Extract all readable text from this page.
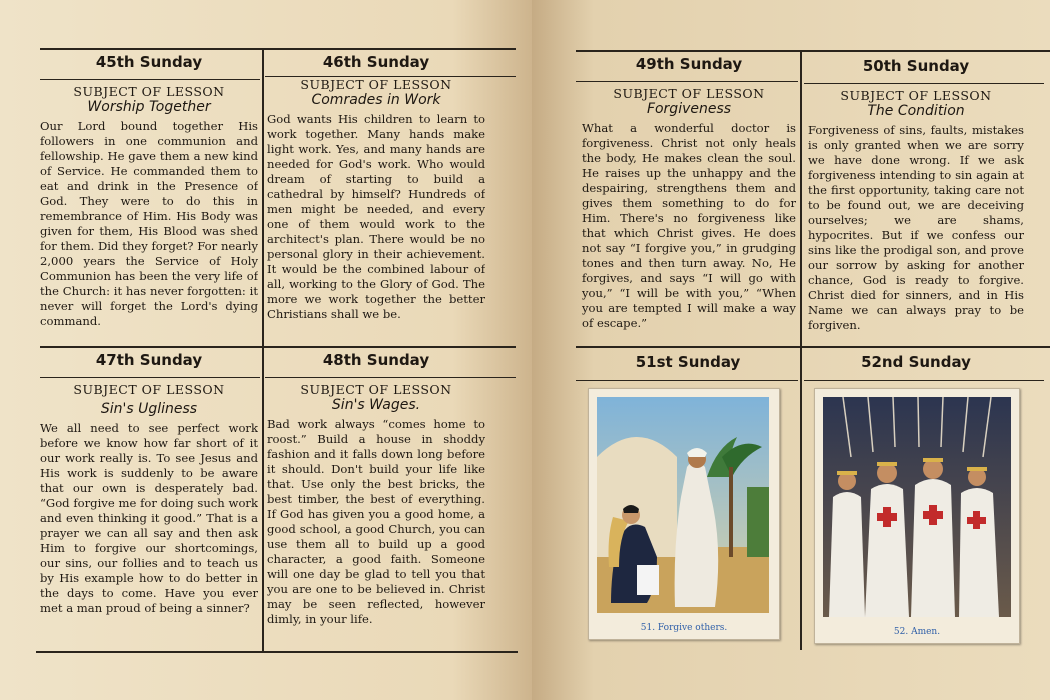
45th Sunday

SUBJECT OF LESSON

Worship Together

Our Lord bound together His followers in one communion and fellowship. He gave them a new kind of Service. He commanded them to eat and drink in the Presence of God. They were to do this in remembrance of Him. His Body was given for them, His Blood was shed for them. Did they forget? For nearly 2,000 years the Service of Holy Communion has been the very life of the Church: it has never forgotten: it never will forget the Lord's dying command.

46th Sunday

SUBJECT OF LESSON

Comrades in Work

God wants His children to learn to work together. Many hands make light work. Yes, and many hands are needed for God's work. Who would dream of starting to build a cathedral by himself? Hundreds of men might be needed, and every one of them would work to the architect's plan. There would be no personal glory in their achievement. It would be the combined labour of all, working to the Glory of God. The more we work together the better Christians shall we be.

47th Sunday

SUBJECT OF LESSON

Sin's Ugliness

We all need to see perfect work before we know how far short of it our work really is. To see Jesus and His work is suddenly to be aware that our own is desperately bad. “God forgive me for doing such work and even thinking it good.” That is a prayer we can all say and then ask Him to forgive our shortcomings, our sins, our follies and to teach us by His example how to do better in the days to come. Have you ever met a man proud of being a sinner?

48th Sunday

SUBJECT OF LESSON

Sin's Wages.

Bad work always “comes home to roost.” Build a house in shoddy fashion and it falls down long before it should. Don't build your life like that. Use only the best bricks, the best timber, the best of everything. If God has given you a good home, a good school, a good Church, you can use them all to build up a good character, a good faith. Someone will one day be glad to tell you that you are one to be believed in. Christ may be seen reflected, however dimly, in your life.

49th Sunday

SUBJECT OF LESSON

Forgiveness

What a wonderful doctor is forgiveness. Christ not only heals the body, He makes clean the soul. He raises up the unhappy and the despairing, strengthens them and gives them something to do for Him. There's no forgiveness like that which Christ gives. He does not say “I forgive you,” in grudging tones and then turn away. No, He forgives, and says “I will go with you,” “I will be with you,” “When you are tempted I will make a way of escape.”

50th Sunday

SUBJECT OF LESSON

The Condition

Forgiveness of sins, faults, mistakes is only granted when we are sorry we have done wrong. If we ask forgiveness intending to sin again at the first opportunity, taking care not to be found out, we are deceiving ourselves; we are shams, hypocrites. But if we confess our sins like the prodigal son, and prove our sorrow by asking for another chance, God is ready to forgive. Christ died for sinners, and in His Name we can always pray to be forgiven.

51st Sunday

51. Forgive others.

52nd Sunday

52. Amen.
